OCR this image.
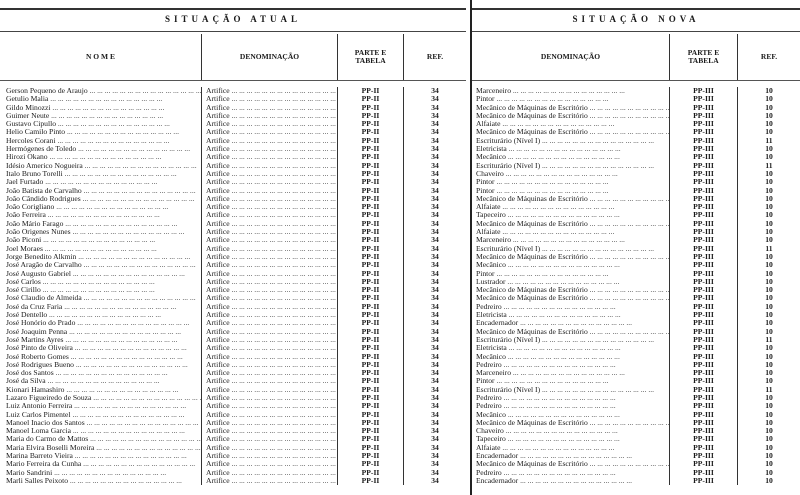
SITUAÇÃO ATUAL
N O M E	DENOMINAÇÃO	PARTE E TABELA	REF.
Gerson Pequeno de Araujo ... .	Artifice ... .	PP-II	34
Getulio Malia ... .	Artifice ... .	PP-II	34
Gildo Minozzi ... .	Artifice ... .	PP-II	34
Guimer Neute ... .	Artifice ... .	PP-II	34
Gustavo Cipullo ... .	Artifice ... .	PP-II	34
Helio Camilo Pinto ... .	Artifice ... .	PP-II	34
Hercoles Corani ... .	Artifice ... .	PP-II	34
Hermógenes de Toledo ... .	Artifice ... .	PP-II	34
Hirozi Okano ... .	Artifice ... .	PP-II	34
Idésio Americo Nogueira ... .	Artifice ... .	PP-II	34
Italo Bruno Torelli ... .	Artifice ... .	PP-II	34
Jael Furtado ... .	Artifice ... .	PP-II	34
João Batista de Carvalho ... .	Artifice ... .	PP-II	34
João Cândido Rodrigues ... .	Artifice ... .	PP-II	34
João Corigliano ... .	Artifice ... .	PP-II	34
João Ferreira ... .	Artifice ... .	PP-II	34
João Mário Farago ... .	Artifice ... .	PP-II	34
João Origenes Nunes ... .	Artifice ... .	PP-II	34
João Piconi ... .	Artifice ... .	PP-II	34
Joel Moraes ... .	Artifice ... .	PP-II	34
Jorge Benedito Alkmin ... .	Artifice ... .	PP-II	34
José Aragão de Carvalho ... .	Artifice ... .	PP-II	34
José Augusto Gabriel ... .	Artifice ... .	PP-II	34
José Carlos ... .	Artifice ... .	PP-II	34
José Cirillo ... .	Artifice ... .	PP-II	34
José Claudio de Almeida ... .	Artifice ... .	PP-II	34
José da Cruz Faria ... .	Artifice ... .	PP-II	34
José Dentello ... .	Artifice ... .	PP-II	34
José Honório do Prado ... .	Artifice ... .	PP-II	34
José Joaquim Penna ... .	Artifice ... .	PP-II	34
José Martins Ayres ... .	Artifice ... .	PP-II	34
José Pinto de Oliveira ... .	Artifice ... .	PP-II	34
José Roberto Gomes ... .	Artifice ... .	PP-II	34
José Rodrigues Bueno ... .	Artifice ... .	PP-II	34
José dos Santos ... .	Artifice ... .	PP-II	34
José da Silva ... .	Artifice ... .	PP-II	34
Kionari Hamashiro ... .	Artifice ... .	PP-II	34
Lazaro Figueiredo de Souza ... .	Artifice ... .	PP-II	34
Luiz Antonio Ferreira ... .	Artifice ... .	PP-II	34
Luiz Carlos Pimentel ... .	Artifice ... .	PP-II	34
Manoel Inacio dos Santos ... .	Artifice ... .	PP-II	34
Manoel Loma Garcia ... .	Artifice ... .	PP-II	34
Maria do Carmo de Mattos ... .	Artifice ... .	PP-II	34
Maria Elvira Boselli Moreira ... .	Artifice ... .	PP-II	34
Marina Barreto Vieira ... .	Artifice ... .	PP-II	34
Mario Ferreira da Cunha ... .	Artifice ... .	PP-II	34
Mario Sandrini ... .	Artifice ... .	PP-II	34
Marli Salles Peixoto ... .	Artifice ... .	PP-II	34
SITUAÇÃO NOVA
DENOMINAÇÃO	PARTE E TABELA	REF.
Marceneiro ... .	PP-III	10
Pintor ... .	PP-III	10
Mecânico de Máquinas de Escritório ... .	PP-III	10
Mecânico de Máquinas de Escritório ... .	PP-III	10
Alfaiate ... .	PP-III	10
Mecânico de Máquinas de Escritório ... .	PP-III	10
Escriturário (Nível I) ... .	PP-III	11
Eletricista ... .	PP-III	10
Mecânico ... .	PP-III	10
Escriturário (Nível I) ... .	PP-III	11
Chaveiro ... .	PP-III	10
Pintor ... .	PP-III	10
Pintor ... .	PP-III	10
Mecânico de Máquinas de Escritório ... .	PP-III	10
Alfaiate ... .	PP-III	10
Tapeceiro ... .	PP-III	10
Mecânico de Máquinas de Escritório ... .	PP-III	10
Alfaiate ... .	PP-III	10
Marceneiro ... .	PP-III	10
Escriturário (Nível I) ... .	PP-III	11
Mecânico de Máquinas de Escritório ... .	PP-III	10
Mecânico ... .	PP-III	10
Pintor ... .	PP-III	10
Lustrador ... .	PP-III	10
Mecânico de Máquinas de Escritório ... .	PP-III	10
Mecânico de Máquinas de Escritório ... .	PP-III	10
Pedreiro ... .	PP-III	10
Eletricista ... .	PP-III	10
Encadernador ... .	PP-III	10
Mecânico de Máquinas de Escritório ... .	PP-III	10
Escriturário (Nível I) ... .	PP-III	11
Eletricista ... .	PP-III	10
Mecânico ... .	PP-III	10
Pedreiro ... .	PP-III	10
Marceneiro ... .	PP-III	10
Pintor ... .	PP-III	10
Escriturário (Nível I) ... .	PP-III	11
Pedreiro ... .	PP-III	10
Pedreiro ... .	PP-III	10
Mecânico ... .	PP-III	10
Mecânico de Máquinas de Escritório ... .	PP-III	10
Chaveiro ... .	PP-III	10
Tapeceiro ... .	PP-III	10
Alfaiate ... .	PP-III	10
Encadernador ... .	PP-III	10
Mecânico de Máquinas de Escritório ... .	PP-III	10
Pedreiro ... .	PP-III	10
Encadernador ... .	PP-III	10
